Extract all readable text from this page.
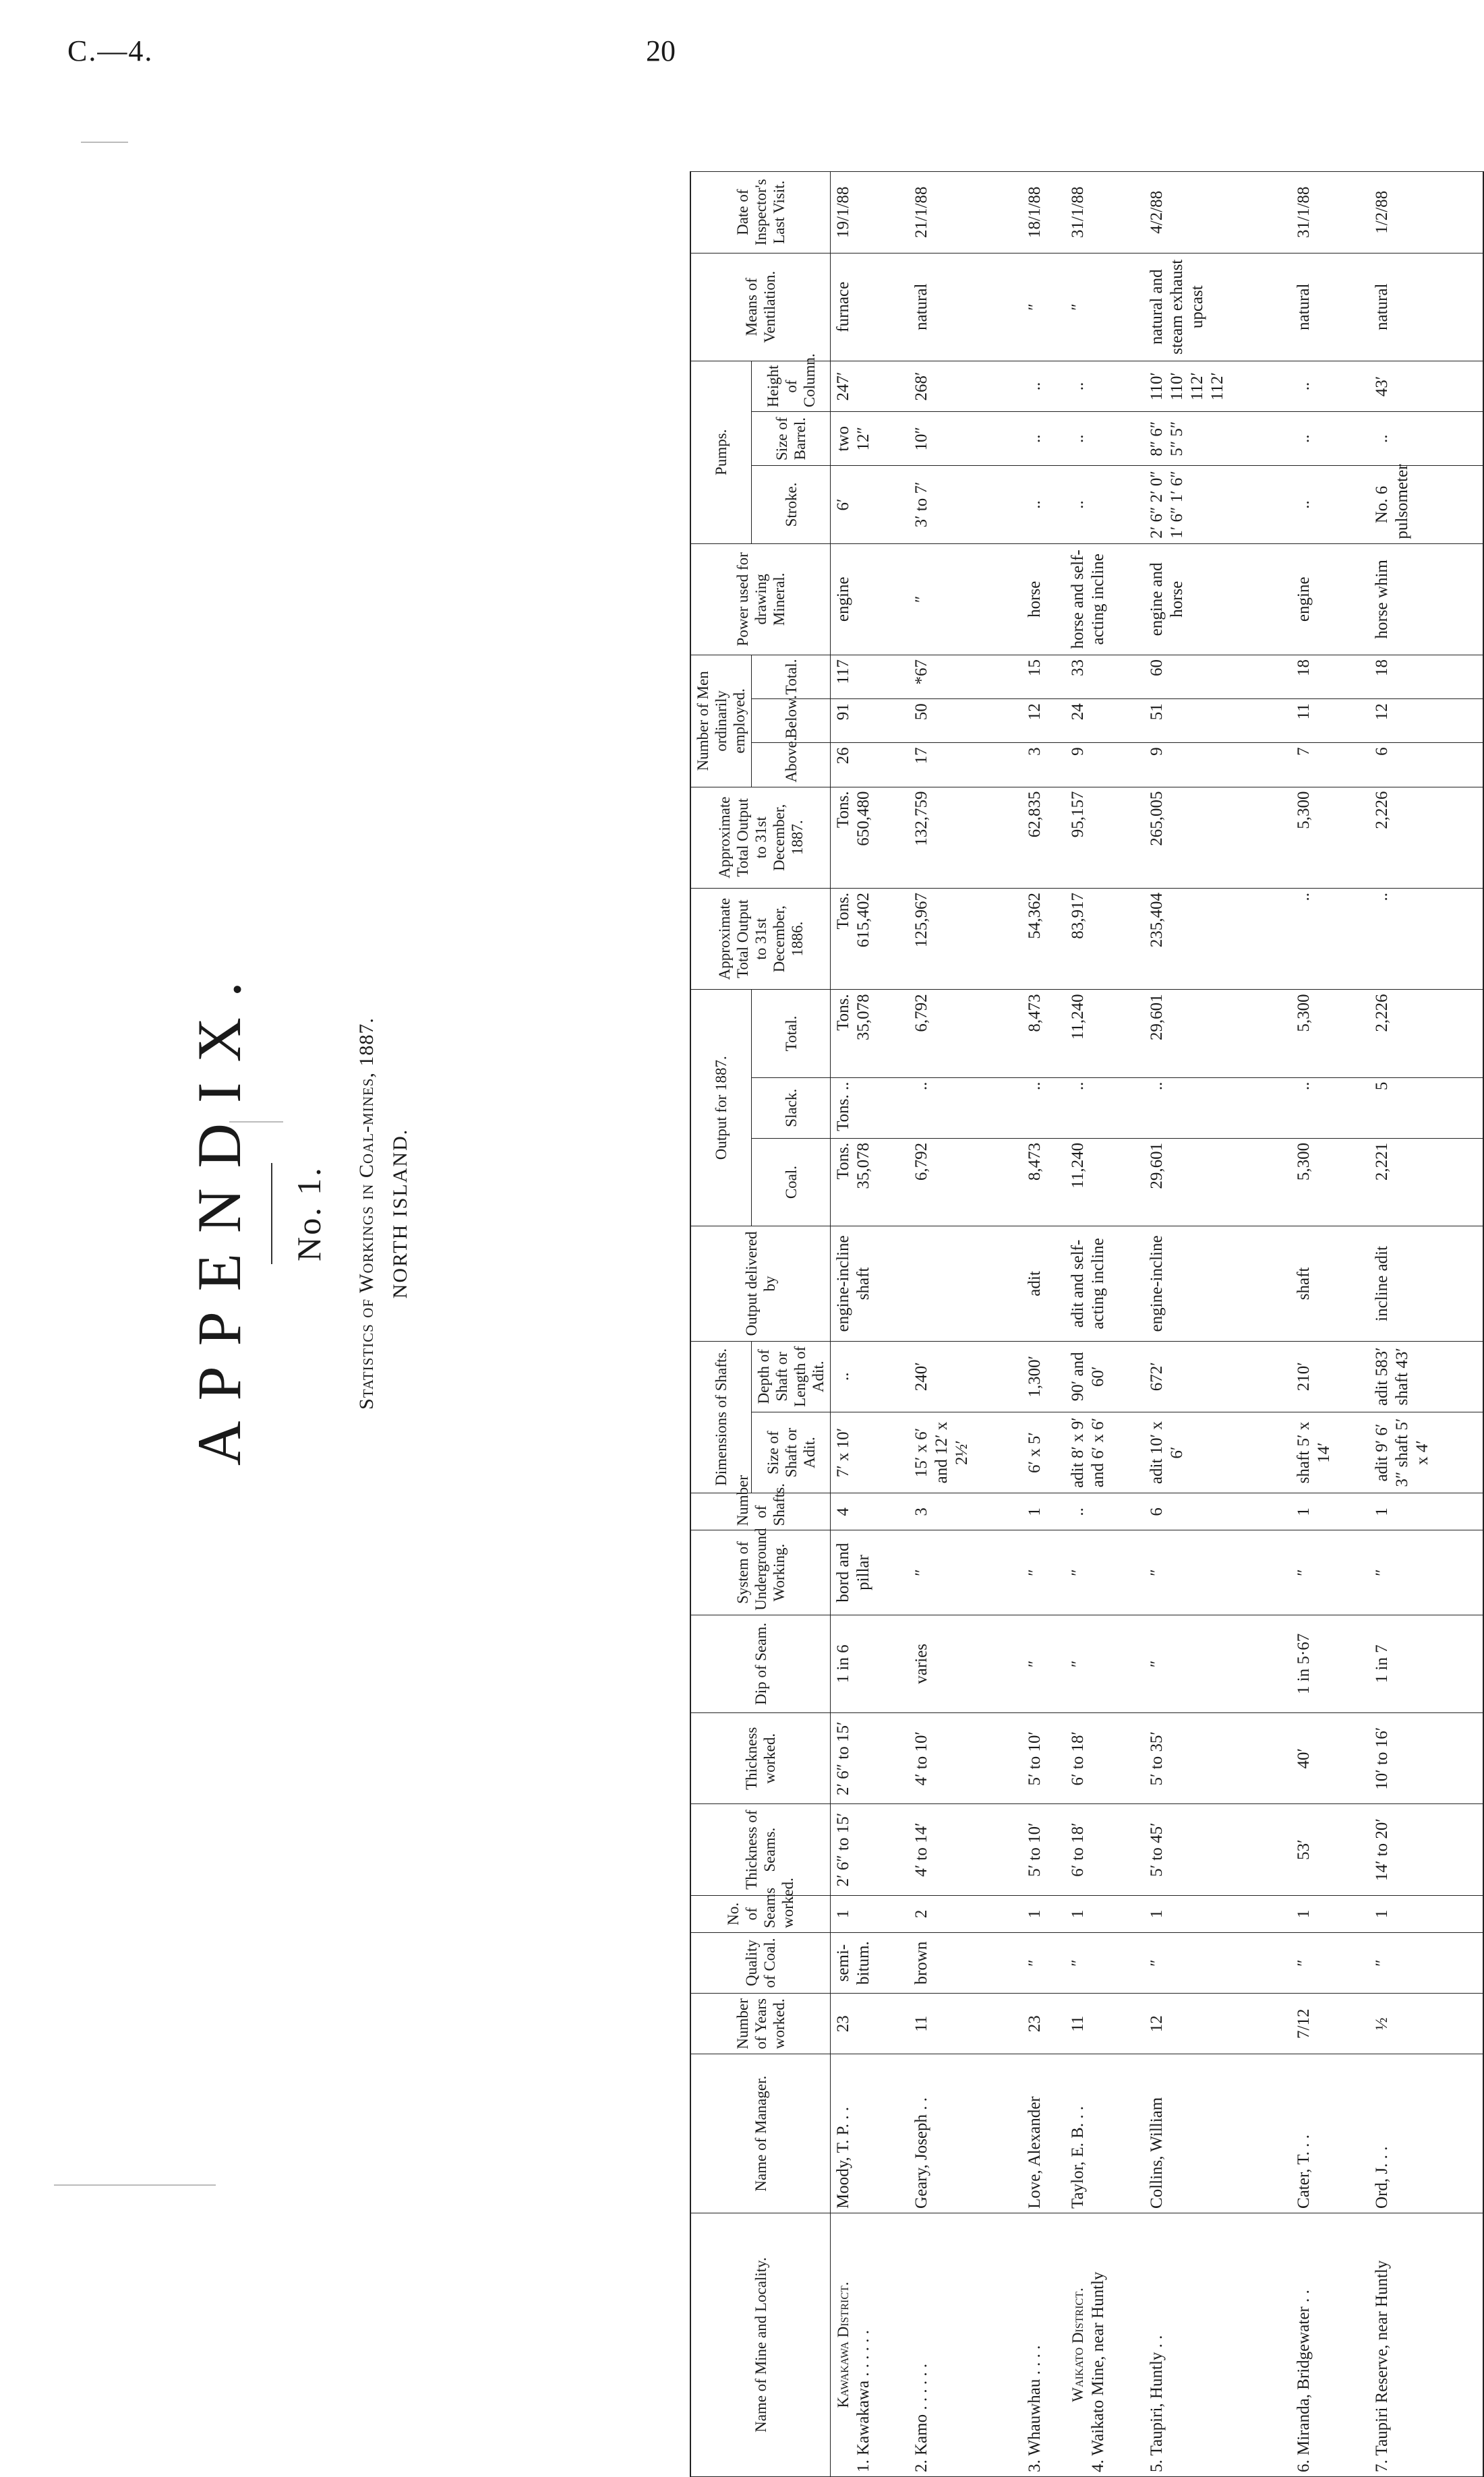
C.—4.	20
APPENDIX. No. 1. Statistics of Workings in Coal-mines, 1887. NORTH ISLAND.
Name of Mine and Locality.	Name of Manager.	Number of Years worked.	Quality of Coal.	No. of Seams worked.	Thickness of Seams.	Thickness worked.	Dip of Seam.	System of Underground Working.	Number of Shafts.	Dimensions of Shafts.		Output delivered by	Output for 1887.			Approximate Total Output to 31st December, 1886.	Approximate Total Output to 31st December, 1887.	Number of Men ordinarily employed.			Power used for drawing Mineral.	Pumps.			Means of Ventilation.	Date of Inspector's Last Visit.
										Size of Shaft or Adit.	Depth of Shaft or Length of Adit.		Coal.	Slack.	Total.			Above.	Below.	Total.		Stroke.	Size of Barrel.	Height of Column.		

Kawakawa District. 1. Kawakawa . . . . . .	Moody, T. P. . .	23	semi-bitum.	1	2′ 6″ to 15′	2′ 6″ to 15′	1 in 6	bord and pillar	4	7′ x 10′	..	engine-incline shaft	Tons. 35,078	Tons. ..	Tons. 35,078	Tons. 615,402	Tons. 650,480	26	91	117	engine	6′	two 12″	247′	furnace	19/1/88
2. Kamo . . . . . .	Geary, Joseph . .	11	brown	2	4′ to 14′	4′ to 10′	varies	″	3	15′ x 6′ and 12′ x 2½′	240′		6,792	..	6,792	125,967	132,759	17	50	*67	″	3′ to 7′	10″	268′	natural	21/1/88
3. Whauwhau . . . .	Love, Alexander	23	″	1	5′ to 10′	5′ to 10′	″	″	1	6′ x 5′	1,300′	adit	8,473	..	8,473	54,362	62,835	3	12	15	horse	..	..	..	″	18/1/88

Waikato District. 4. Waikato Mine, near Huntly	Taylor, E. B. . .	11	″	1	6′ to 18′	6′ to 18′	″	″	..	adit 8′ x 9′ and 6′ x 6′	90′ and 60′	adit and self-acting incline	11,240	..	11,240	83,917	95,157	9	24	33	horse and self-acting incline	..	..	..	″	31/1/88
5. Taupiri, Huntly . .	Collins, William	12	″	1	5′ to 45′	5′ to 35′	″	″	6	adit 10′ x 6′	672′	engine-incline	29,601	..	29,601	235,404	265,005	9	51	60	engine and horse	2′ 6″ 2′ 0″ 1′ 6″ 1′ 6″	8″ 6″ 5″ 5″	110′ 110′ 112′ 112′	natural and steam exhaust upcast	4/2/88
6. Miranda, Bridgewater . .	Cater, T. . .	7/12	″	1	53′	40′	1 in 5·67	″	1	shaft 5′ x 14′	210′	shaft	5,300	..	5,300	..	5,300	7	11	18	engine	..	..	..	natural	31/1/88
7. Taupiri Reserve, near Huntly	Ord, J. . .	½	″	1	14′ to 20′	10′ to 16′	1 in 7	″	1	adit 9′ 6′ 3″ shaft 5′ x 4′	adit 583′ shaft 43′	incline adit	2,221	5	2,226	..	2,226	6	12	18	horse whim	No. 6 pulsometer	..	43′	natural	1/2/88
